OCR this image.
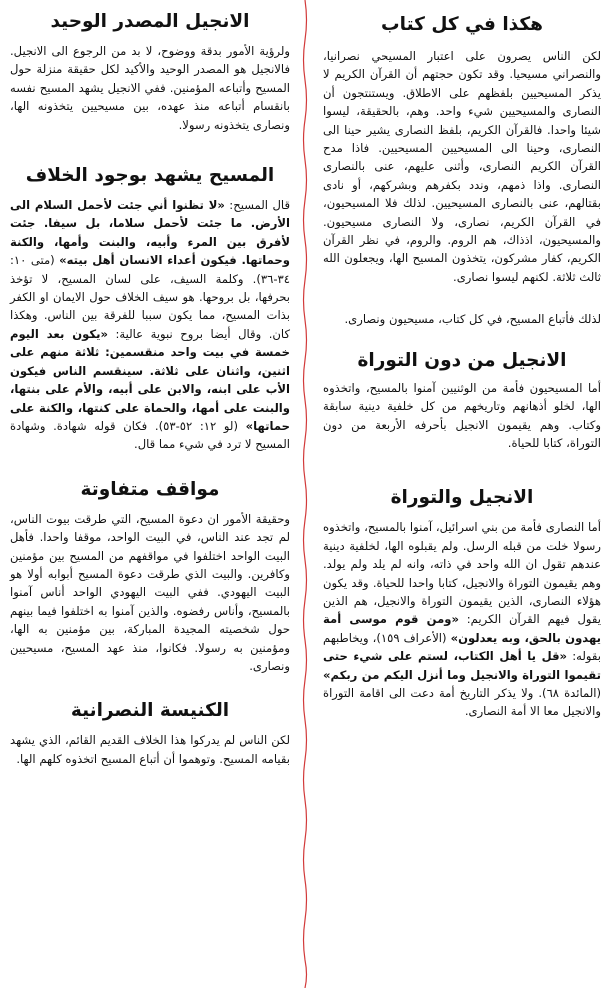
هكذا في كل كتاب

لكن الناس يصرون على اعتبار المسيحي نصرانيا، والنصراني مسيحيا. وقد تكون حجتهم أن القرآن الكريم لا يذكر المسيحيين بلفظهم على الاطلاق. ويستنتجون أن النصارى والمسيحيين شيء واحد. وهم، بالحقيقة، ليسوا شيئا واحدا. فالقرآن الكريم، بلفظ النصارى يشير حينا الى النصارى، وحينا الى المسيحيين المسيحيين. فاذا مدح القرآن الكريم النصارى، وأثنى عليهم، عنى بالنصارى النصارى. واذا ذمهم، وندد بكفرهم وبشركهم، أو نادى بقتالهم، عنى بالنصارى المسيحيين. لذلك فلا المسيحيون، في القرآن الكريم، نصارى، ولا النصارى مسيحيون. والمسيحيون، اذذاك، هم الروم. والروم، في نظر القرآن الكريم، كفار مشركون، يتخذون المسيح الها، ويجعلون الله ثالث ثلاثة. لكنهم ليسوا نصارى.

لذلك فأتباع المسيح، في كل كتاب، مسيحيون ونصارى.

الانجيل من دون التوراة

أما المسيحيون فأمة من الوثنيين آمنوا بالمسيح، واتخذوه الها، لخلو أذهانهم وتاريخهم من كل خلفية دينية سابقة وكتاب. وهم يقيمون الانجيل بأحرفه الأربعة من دون التوراة، كتابا للحياة.

الانجيل والتوراة

أما النصارى فأمة من بني اسرائيل، آمنوا بالمسيح، واتخذوه رسولا خلت من قبله الرسل. ولم يقبلوه الها، لخلفية دينية عندهم تقول ان الله واحد في ذاته، وانه لم يلد ولم يولد. وهم يقيمون التوراة والانجيل، كتابا واحدا للحياة. وقد يكون هؤلاء النصارى، الذين يقيمون التوراة والانجيل، هم الذين يقول فيهم القرآن الكريم: «ومن قوم موسى أمة يهدون بالحق، وبه يعدلون» (الأعراف ١٥٩)، ويخاطبهم بقوله: «قل يا أهل الكتاب، لستم على شيء حتى تقيموا التوراة والانجيل وما أنزل اليكم من ربكم» (المائدة ٦٨). ولا يذكر التاريخ أمة دعت الى اقامة التوراة والانجيل معا الا أمة النصارى.

الانجيل المصدر الوحيد

ولرؤية الأمور بدقة ووضوح، لا بد من الرجوع الى الانجيل. فالانجيل هو المصدر الوحيد والأكيد لكل حقيقة منزلة حول المسيح وأتباعه المؤمنين. ففي الانجيل يشهد المسيح نفسه بانقسام أتباعه منذ عهده، بين مسيحيين يتخذونه الها، ونصارى يتخذونه رسولا.

المسيح يشهد بوجود الخلاف

قال المسيح: «لا تظنوا أني جئت لأحمل السلام الى الأرض. ما جئت لأحمل سلاما، بل سيفا. جئت لأفرق بين المرء وأبيه، والبنت وأمها، والكنة وحماتها. فيكون أعداء الانسان أهل بيته» (متى ١٠: ٣٤-٣٦). وكلمة السيف، على لسان المسيح، لا تؤخذ بحرفها، بل بروحها. هو سيف الخلاف حول الايمان او الكفر بذات المسيح، مما يكون سببا للفرقة بين الناس. وهكذا كان. وقال أيضا بروح نبوية عالية: «يكون بعد اليوم خمسة في بيت واحد منقسمين: ثلاثة منهم على اثنين، واثنان على ثلاثة. سينقسم الناس فيكون الأب على ابنه، والابن على أبيه، والأم على بنتها، والبنت على أمها، والحماة على كنتها، والكنة على حماتها» (لو ١٢: ٥٢-٥٣). فكان قوله شهادة. وشهادة المسيح لا ترد في شيء مما قال.

مواقف متفاوتة

وحقيقة الأمور ان دعوة المسيح، التي طرقت بيوت الناس، لم تجد عند الناس، في البيت الواحد، موقفا واحدا. فأهل البيت الواحد اختلفوا في مواقفهم من المسيح بين مؤمنين وكافرين. والبيت الذي طرقت دعوة المسيح أبوابه أولا هو البيت اليهودي. ففي البيت اليهودي الواحد أناس آمنوا بالمسيح، وأناس رفضوه. والذين آمنوا به اختلفوا فيما بينهم حول شخصيته المجيدة المباركة، بين مؤمنين به الها، ومؤمنين به رسولا. فكانوا، منذ عهد المسيح، مسيحيين ونصارى.

الكنيسة النصرانية

لكن الناس لم يدركوا هذا الخلاف القديم القائم، الذي يشهد بقيامه المسيح. وتوهموا أن أتباع المسيح اتخذوه كلهم الها.
